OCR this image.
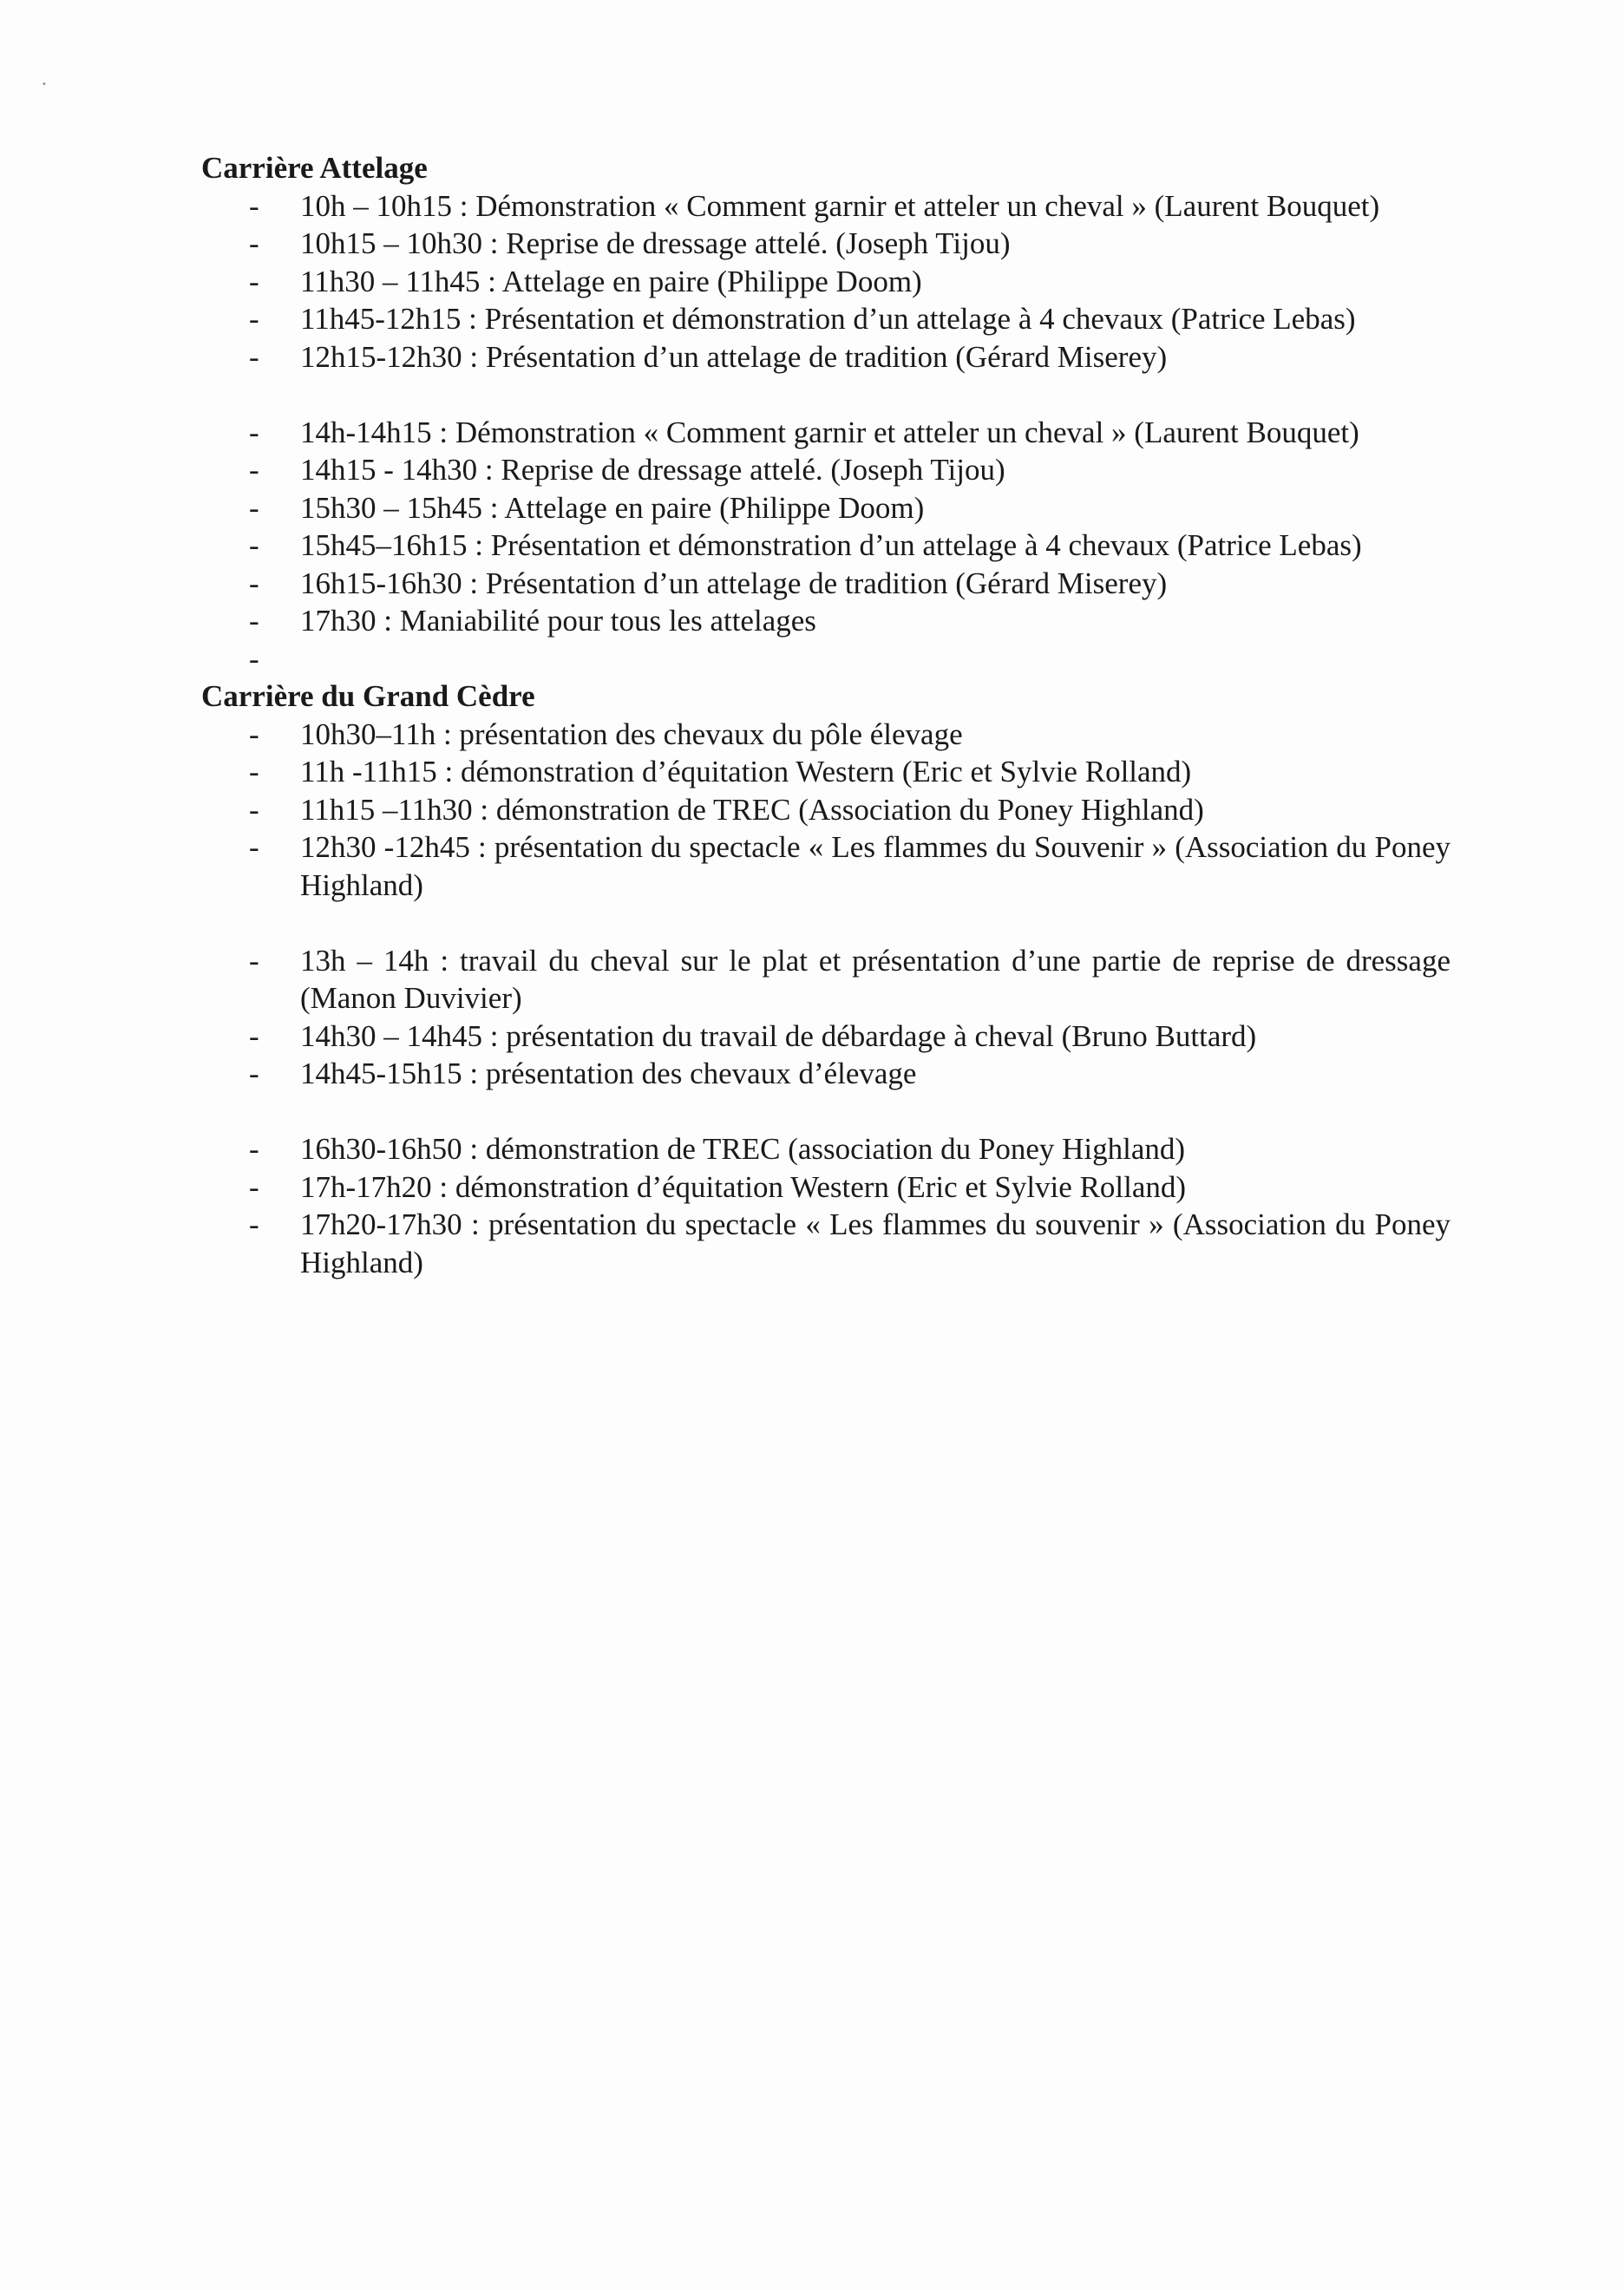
•
Carrière Attelage
- 10h – 10h15 : Démonstration « Comment garnir et atteler un cheval » (Laurent Bouquet)
- 10h15 – 10h30 : Reprise de dressage attelé. (Joseph Tijou)
- 11h30 – 11h45 : Attelage en paire (Philippe Doom)
- 11h45-12h15 : Présentation et démonstration d’un attelage à 4 chevaux (Patrice Lebas)
- 12h15-12h30 : Présentation d’un attelage de tradition (Gérard Miserey)
- 14h-14h15 : Démonstration « Comment garnir et atteler un cheval » (Laurent Bouquet)
- 14h15 - 14h30 : Reprise de dressage attelé. (Joseph Tijou)
- 15h30 – 15h45 : Attelage en paire (Philippe Doom)
- 15h45–16h15 : Présentation et démonstration d’un attelage à 4 chevaux (Patrice Lebas)
- 16h15-16h30 : Présentation d’un attelage de tradition (Gérard Miserey)
- 17h30 : Maniabilité pour tous les attelages
-
Carrière du Grand Cèdre
- 10h30–11h : présentation des chevaux du pôle élevage
- 11h -11h15 : démonstration d’équitation Western (Eric et Sylvie Rolland)
- 11h15 –11h30 : démonstration de TREC (Association du Poney Highland)
- 12h30 -12h45 : présentation du spectacle « Les flammes du Souvenir » (Association du Poney Highland)
- 13h – 14h : travail du cheval sur le plat et présentation d’une partie de reprise de dressage (Manon Duvivier)
- 14h30 – 14h45 : présentation du travail de débardage à cheval (Bruno Buttard)
- 14h45-15h15 : présentation des chevaux d’élevage
- 16h30-16h50 : démonstration de TREC (association du Poney Highland)
- 17h-17h20 : démonstration d’équitation Western (Eric et Sylvie Rolland)
- 17h20-17h30 : présentation du spectacle « Les flammes du souvenir » (Association du Poney Highland)
